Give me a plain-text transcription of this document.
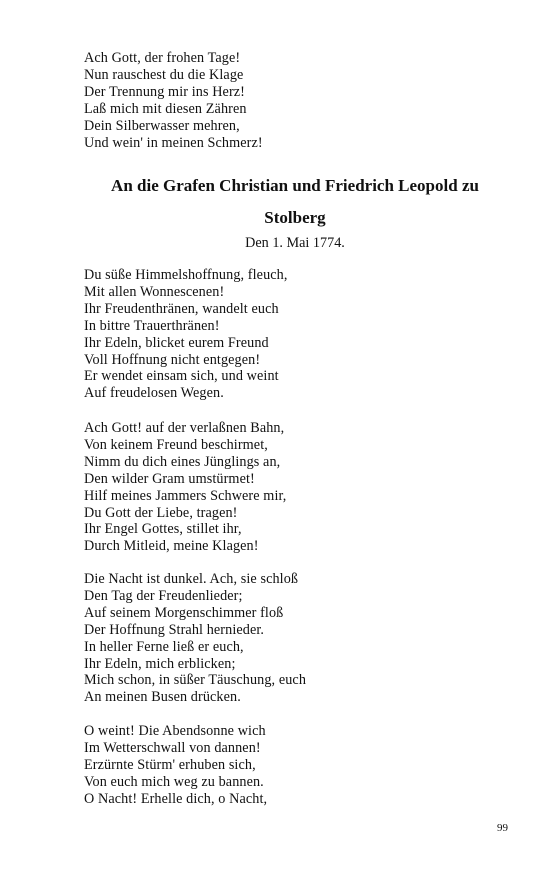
Ach Gott, der frohen Tage!
Nun rauschest du die Klage
Der Trennung mir ins Herz!
Laß mich mit diesen Zähren
Dein Silberwasser mehren,
Und wein' in meinen Schmerz!
An die Grafen Christian und Friedrich Leopold zu
Stolberg

Den 1. Mai 1774.

Du süße Himmelshoffnung, fleuch,
Mit allen Wonnescenen!
Ihr Freudenthränen, wandelt euch
In bittre Trauerthränen!
Ihr Edeln, blicket eurem Freund
Voll Hoffnung nicht entgegen!
Er wendet einsam sich, und weint
Auf freudelosen Wegen.
Ach Gott! auf der verlaßnen Bahn,
Von keinem Freund beschirmet,
Nimm du dich eines Jünglings an,
Den wilder Gram umstürmet!
Hilf meines Jammers Schwere mir,
Du Gott der Liebe, tragen!
Ihr Engel Gottes, stillet ihr,
Durch Mitleid, meine Klagen!
Die Nacht ist dunkel. Ach, sie schloß
Den Tag der Freudenlieder;
Auf seinem Morgenschimmer floß
Der Hoffnung Strahl hernieder.
In heller Ferne ließ er euch,
Ihr Edeln, mich erblicken;
Mich schon, in süßer Täuschung, euch
An meinen Busen drücken.
O weint! Die Abendsonne wich
Im Wetterschwall von dannen!
Erzürnte Stürm' erhuben sich,
Von euch mich weg zu bannen.
O Nacht! Erhelle dich, o Nacht,
99
